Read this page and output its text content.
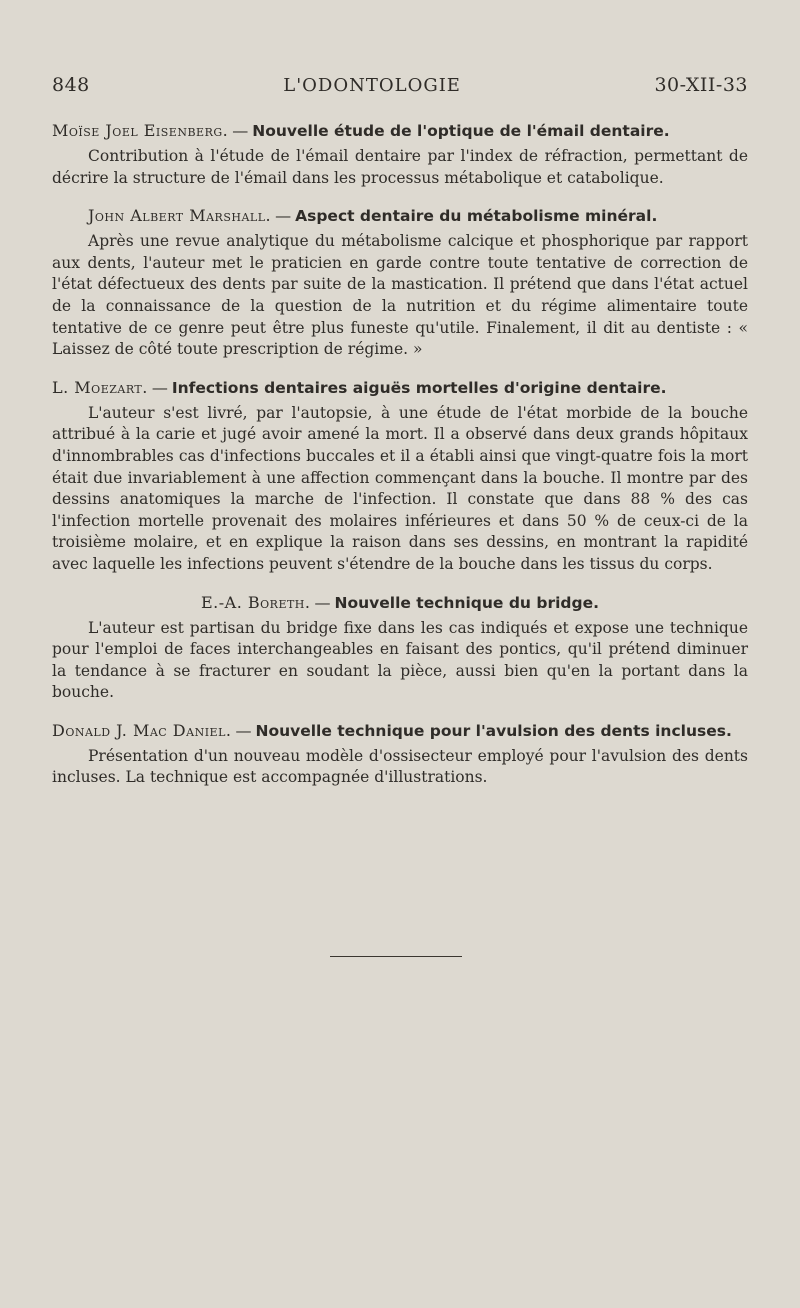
848	L'ODONTOLOGIE	30-XII-33

Moïse Joel Eisenberg. — Nouvelle étude de l'optique de l'émail dentaire.

Contribution à l'étude de l'émail dentaire par l'index de réfraction, permettant de décrire la structure de l'émail dans les processus métabolique et catabolique.

John Albert Marshall. — Aspect dentaire du métabolisme minéral.

Après une revue analytique du métabolisme calcique et phosphorique par rapport aux dents, l'auteur met le praticien en garde contre toute tentative de correction de l'état défectueux des dents par suite de la mastication. Il prétend que dans l'état actuel de la connaissance de la question de la nutrition et du régime alimentaire toute tentative de ce genre peut être plus funeste qu'utile. Finalement, il dit au dentiste : « Laissez de côté toute prescription de régime. »

L. Moezart. — Infections dentaires aiguës mortelles d'origine dentaire.

L'auteur s'est livré, par l'autopsie, à une étude de l'état morbide de la bouche attribué à la carie et jugé avoir amené la mort. Il a observé dans deux grands hôpitaux d'innombrables cas d'infections buccales et il a établi ainsi que vingt-quatre fois la mort était due invariablement à une affection commençant dans la bouche. Il montre par des dessins anatomiques la marche de l'infection. Il constate que dans 88 % des cas l'infection mortelle provenait des molaires inférieures et dans 50 % de ceux-ci de la troisième molaire, et en explique la raison dans ses dessins, en montrant la rapidité avec laquelle les infections peuvent s'étendre de la bouche dans les tissus du corps.

E.-A. Boreth. — Nouvelle technique du bridge.

L'auteur est partisan du bridge fixe dans les cas indiqués et expose une technique pour l'emploi de faces interchangeables en faisant des pontics, qu'il prétend diminuer la tendance à se fracturer en soudant la pièce, aussi bien qu'en la portant dans la bouche.

Donald J. Mac Daniel. — Nouvelle technique pour l'avulsion des dents incluses.

Présentation d'un nouveau modèle d'ossisecteur employé pour l'avulsion des dents incluses. La technique est accompagnée d'illustrations.
